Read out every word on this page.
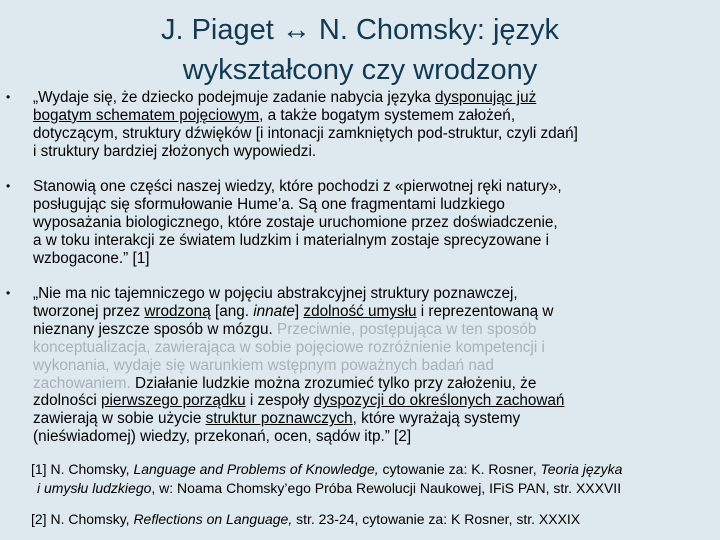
J. Piaget ↔ N. Chomsky: język
wykształcony czy wrodzony
• „Wydaje się, że dziecko podejmuje zadanie nabycia języka dysponując już
bogatym schematem pojęciowym, a także bogatym systemem założeń,
dotyczącym, struktury dźwięków [i intonacji zamkniętych pod-struktur, czyli zdań]
i struktury bardziej złożonych wypowiedzi.
• Stanowią one części naszej wiedzy, które pochodzi z «pierwotnej ręki natury»,
posługując się sformułowanie Hume’a. Są one fragmentami ludzkiego
wyposażania biologicznego, które zostaje uruchomione przez doświadczenie,
a w toku interakcji ze światem ludzkim i materialnym zostaje sprecyzowane i
wzbogacone.” [1]
• „Nie ma nic tajemniczego w pojęciu abstrakcyjnej struktury poznawczej,
tworzonej przez wrodzoną [ang. innate] zdolność umysłu i reprezentowaną w
nieznany jeszcze sposób w mózgu. Przeciwnie, postępująca w ten sposób
konceptualizacja, zawierająca w sobie pojęciowe rozróżnienie kompetencji i
wykonania, wydaje się warunkiem wstępnym poważnych badań nad
zachowaniem. Działanie ludzkie można zrozumieć tylko przy założeniu, że
zdolności pierwszego porządku i zespoły dyspozycji do określonych zachowań
zawierają w sobie użycie struktur poznawczych, które wyrażają systemy
(nieświadomej) wiedzy, przekonań, ocen, sądów itp.” [2]
[1] N. Chomsky, Language and Problems of Knowledge, cytowanie za: K. Rosner, Teoria języka
i umysłu ludzkiego, w: Noama Chomsky’ego Próba Rewolucji Naukowej, IFiS PAN, str. XXXVII
[2] N. Chomsky, Reflections on Language, str. 23-24, cytowanie za: K Rosner, str. XXXIX
